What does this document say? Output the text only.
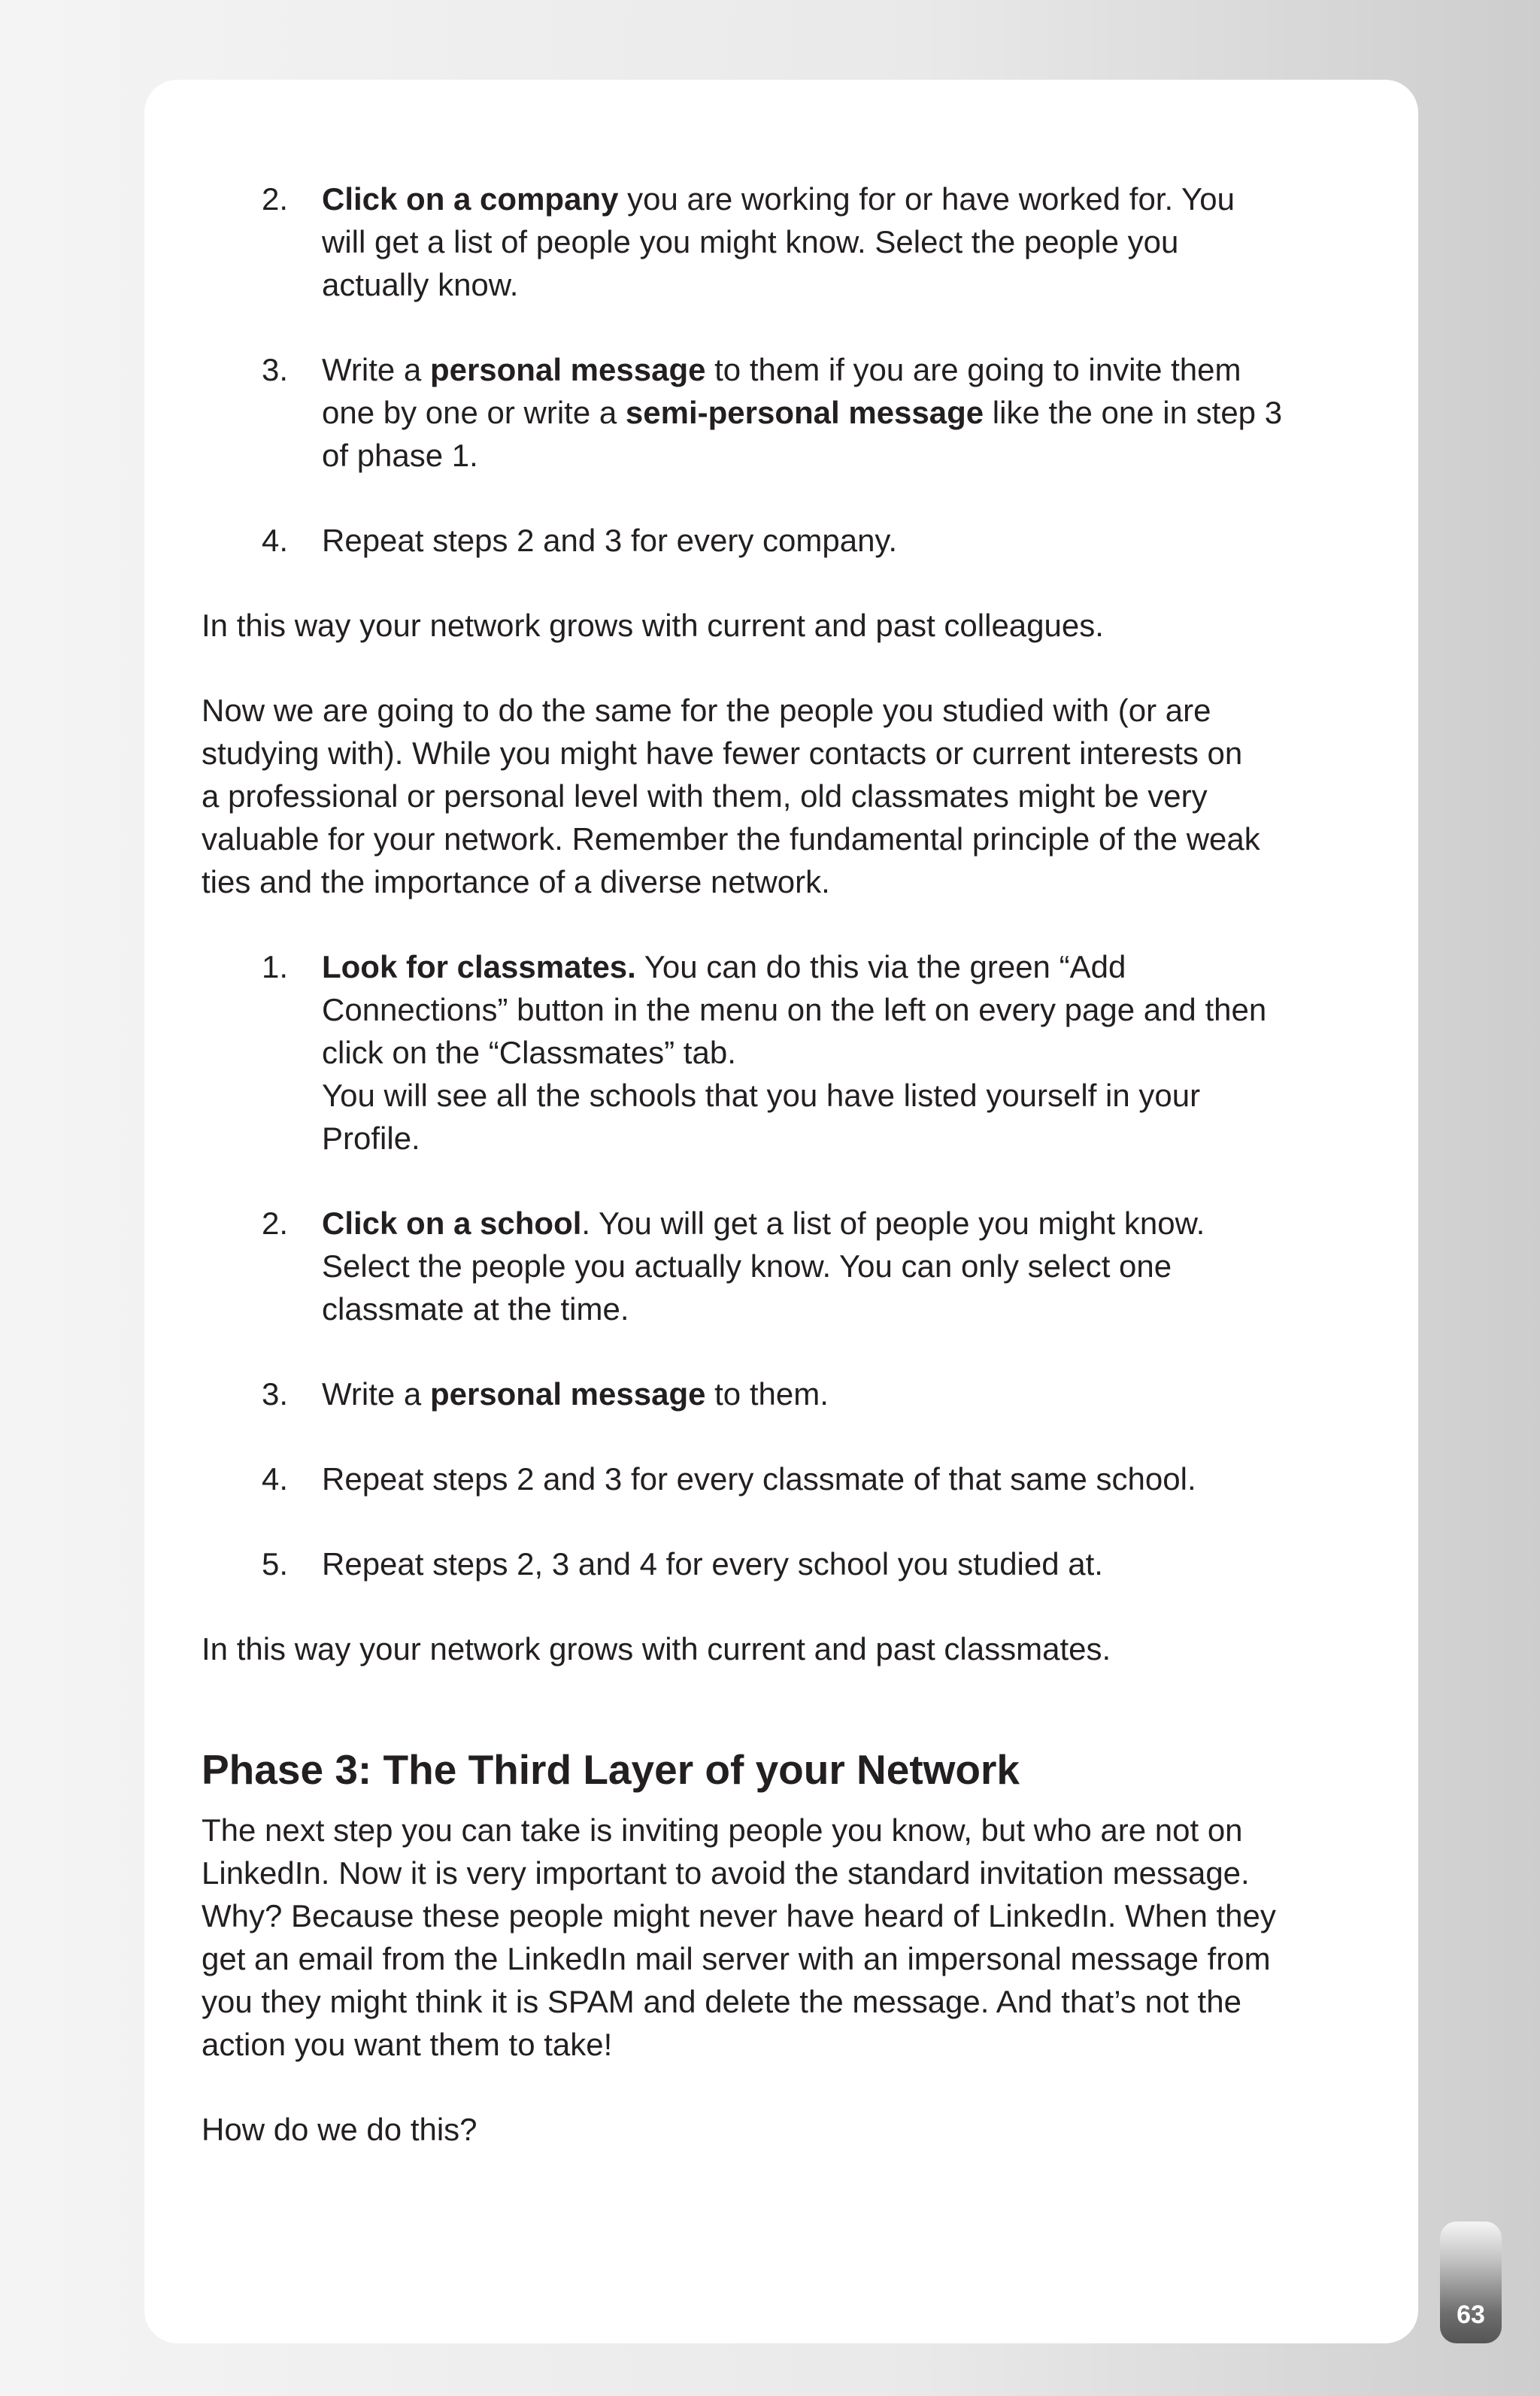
2. Click on a company you are working for or have worked for. You
will get a list of people you might know. Select the people you
actually know.
3. Write a personal message to them if you are going to invite them
one by one or write a semi-personal message like the one in step 3
of phase 1.
4. Repeat steps 2 and 3 for every company.

In this way your network grows with current and past colleagues.

Now we are going to do the same for the people you studied with (or are
studying with). While you might have fewer contacts or current interests on
a professional or personal level with them, old classmates might be very
valuable for your network. Remember the fundamental principle of the weak
ties and the importance of a diverse network.

1. Look for classmates. You can do this via the green “Add
Connections” button in the menu on the left on every page and then
click on the “Classmates” tab.
You will see all the schools that you have listed yourself in your
Profile.
2. Click on a school. You will get a list of people you might know.
Select the people you actually know. You can only select one
classmate at the time.
3. Write a personal message to them.
4. Repeat steps 2 and 3 for every classmate of that same school.
5. Repeat steps 2, 3 and 4 for every school you studied at.

In this way your network grows with current and past classmates.

Phase 3: The Third Layer of your Network

The next step you can take is inviting people you know, but who are not on
LinkedIn. Now it is very important to avoid the standard invitation message.
Why? Because these people might never have heard of LinkedIn. When they
get an email from the LinkedIn mail server with an impersonal message from
you they might think it is SPAM and delete the message. And that’s not the
action you want them to take!

How do we do this?

63
